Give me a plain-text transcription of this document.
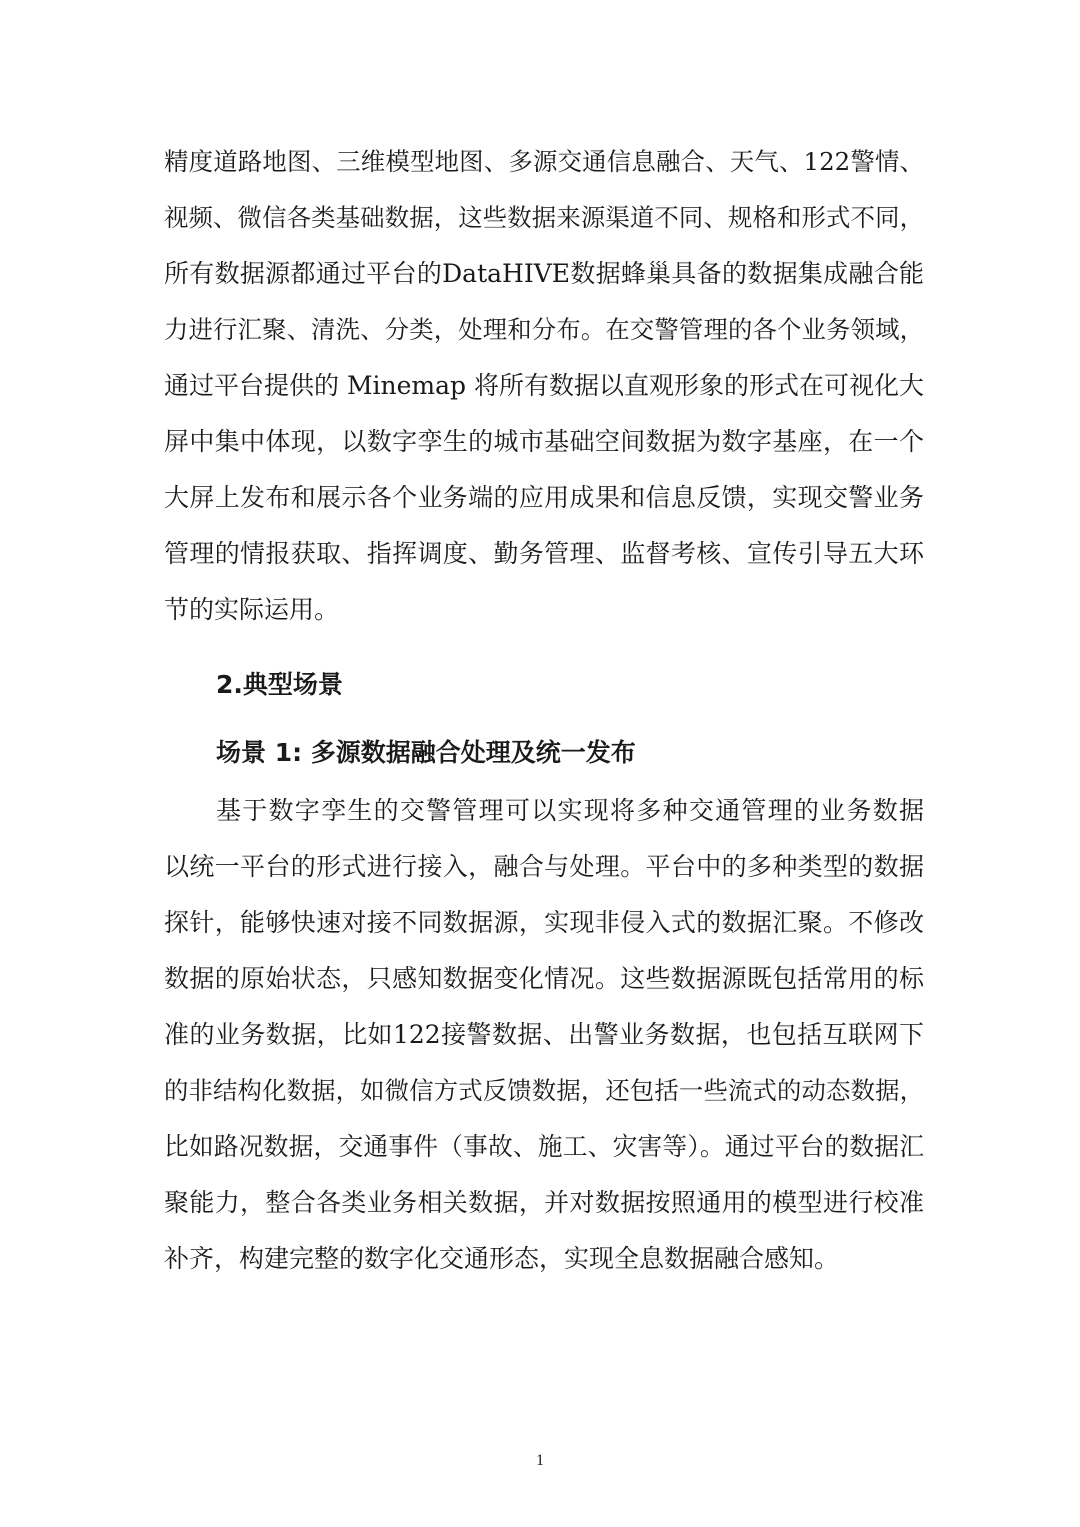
精度道路地图、三维模型地图、多源交通信息融合、天气、122警情、
视频、微信各类基础数据，这些数据来源渠道不同、规格和形式不同，
所有数据源都通过平台的DataHIVE数据蜂巢具备的数据集成融合能
力进行汇聚、清洗、分类，处理和分布。在交警管理的各个业务领域，
通过平台提供的 Minemap 将所有数据以直观形象的形式在可视化大
屏中集中体现，以数字孪生的城市基础空间数据为数字基座，在一个
大屏上发布和展示各个业务端的应用成果和信息反馈，实现交警业务
管理的情报获取、指挥调度、勤务管理、监督考核、宣传引导五大环
节的实际运用。
2.典型场景
场景 1: 多源数据融合处理及统一发布
基于数字孪生的交警管理可以实现将多种交通管理的业务数据
以统一平台的形式进行接入，融合与处理。平台中的多种类型的数据
探针，能够快速对接不同数据源，实现非侵入式的数据汇聚。不修改
数据的原始状态，只感知数据变化情况。这些数据源既包括常用的标
准的业务数据，比如122接警数据、出警业务数据，也包括互联网下
的非结构化数据，如微信方式反馈数据，还包括一些流式的动态数据，
比如路况数据，交通事件（事故、施工、灾害等）。通过平台的数据汇
聚能力，整合各类业务相关数据，并对数据按照通用的模型进行校准
补齐，构建完整的数字化交通形态，实现全息数据融合感知。
1
